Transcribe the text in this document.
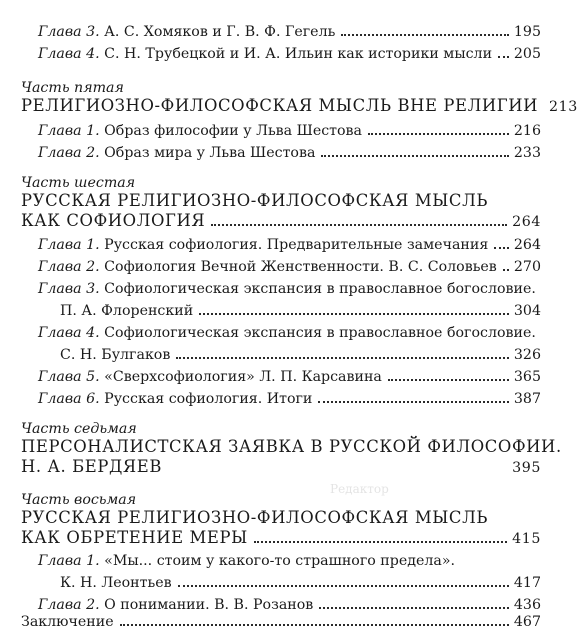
Глава 3. А. С. Хомяков и Г. В. Ф. Гегель	195
Глава 4. С. Н. Трубецкой и И. А. Ильин как историки мысли 205
Часть пятая
РЕЛИГИОЗНО-ФИЛОСОФСКАЯ МЫСЛЬ ВНЕ РЕЛИГИИ 213
Глава 1. Образ философии у Льва Шестова	216
Глава 2. Образ мира у Льва Шестова	233
Часть шестая
РУССКАЯ РЕЛИГИОЗНО-ФИЛОСОФСКАЯ МЫСЛЬ
КАК СОФИОЛОГИЯ	264
Глава 1. Русская софиология. Предварительные замечания 264
Глава 2. Софиология Вечной Женственности. В. С. Соловьев 270
Глава 3. Софиологическая экспансия в православное богословие.
П. А. Флоренский	304
Глава 4. Софиологическая экспансия в православное богословие.
С. Н. Булгаков	326
Глава 5. «Сверхсофиология» Л. П. Карсавина	365
Глава 6. Русская софиология. Итоги	387
Часть седьмая
ПЕРСОНАЛИСТСКАЯ ЗАЯВКА В РУССКОЙ ФИЛОСОФИИ.
Н. А. БЕРДЯЕВ	395
Редактор
Часть восьмая
РУССКАЯ РЕЛИГИОЗНО-ФИЛОСОФСКАЯ МЫСЛЬ
КАК ОБРЕТЕНИЕ МЕРЫ	415
Глава 1. «Мы... стоим у какого-то страшного предела».
К. Н. Леонтьев	417
Глава 2. О понимании. В. В. Розанов	436
Заключение	467
